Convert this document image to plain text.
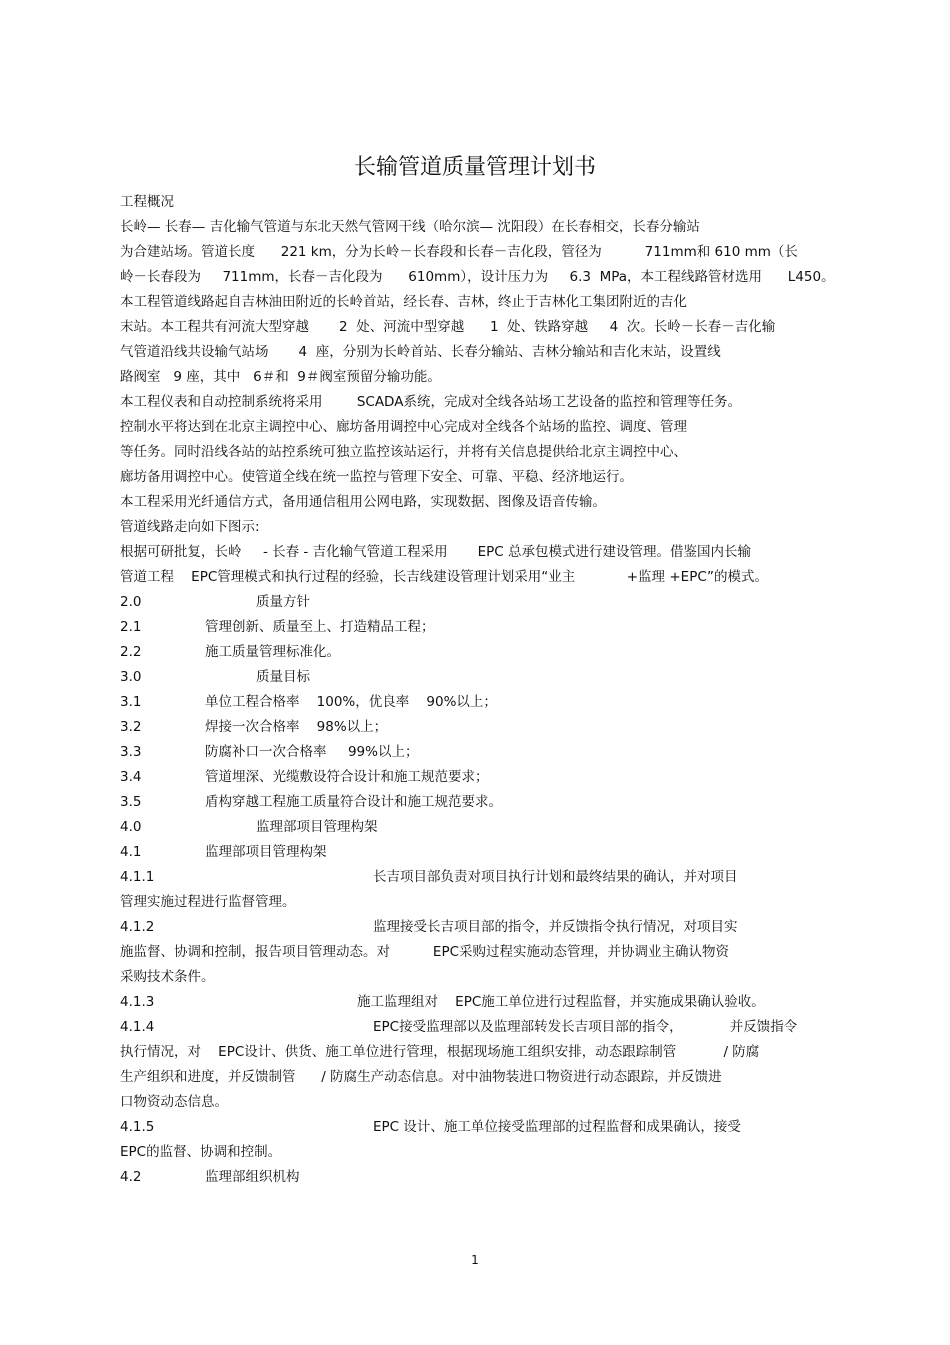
长输管道质量管理计划书
工程概况
长岭— 长春— 吉化输气管道与东北天然气管网干线（哈尔滨— 沈阳段）在长春相交，长春分输站
为合建站场。管道长度      221 km，分为长岭－长春段和长春－吉化段，管径为          711mm和 610 mm（长
岭－长春段为     711mm，长春－吉化段为      610mm），设计压力为     6.3  MPa，本工程线路管材选用      L450。
本工程管道线路起自吉林油田附近的长岭首站，经长春、吉林，终止于吉林化工集团附近的吉化
末站。本工程共有河流大型穿越       2  处、河流中型穿越      1  处、铁路穿越     4  次。长岭－长春－吉化输
气管道沿线共设输气站场       4  座，分别为长岭首站、长春分输站、吉林分输站和吉化末站，设置线
路阀室   9 座，其中   6＃和  9＃阀室预留分输功能。
本工程仪表和自动控制系统将采用        SCADA系统，完成对全线各站场工艺设备的监控和管理等任务。
控制水平将达到在北京主调控中心、廊坊备用调控中心完成对全线各个站场的监控、调度、管理
等任务。同时沿线各站的站控系统可独立监控该站运行，并将有关信息提供给北京主调控中心、
廊坊备用调控中心。使管道全线在统一监控与管理下安全、可靠、平稳、经济地运行。
本工程采用光纤通信方式，备用通信租用公网电路，实现数据、图像及语音传输。
管道线路走向如下图示:
根据可研批复，长岭     - 长春 - 吉化输气管道工程采用       EPC 总承包模式进行建设管理。借鉴国内长输
管道工程    EPC管理模式和执行过程的经验，长吉线建设管理计划采用“业主            +监理 +EPC”的模式。
2.0	质量方针
2.1	管理创新、质量至上、打造精品工程；
2.2	施工质量管理标准化。
3.0	质量目标
3.1	单位工程合格率    100%，优良率    90%以上；
3.2	焊接一次合格率    98%以上；
3.3	防腐补口一次合格率     99%以上；
3.4	管道埋深、光缆敷设符合设计和施工规范要求；
3.5	盾构穿越工程施工质量符合设计和施工规范要求。
4.0	监理部项目管理构架
4.1	监理部项目管理构架
4.1.1	长吉项目部负责对项目执行计划和最终结果的确认，并对项目
管理实施过程进行监督管理。
4.1.2	监理接受长吉项目部的指令，并反馈指令执行情况，对项目实
施监督、协调和控制，报告项目管理动态。对          EPC采购过程实施动态管理，并协调业主确认物资
采购技术条件。
4.1.3	施工监理组对    EPC施工单位进行过程监督，并实施成果确认验收。
4.1.4	EPC接受监理部以及监理部转发长吉项目部的指令，           并反馈指令
执行情况，对    EPC设计、供货、施工单位进行管理，根据现场施工组织安排，动态跟踪制管           / 防腐
生产组织和进度，并反馈制管      / 防腐生产动态信息。对中油物装进口物资进行动态跟踪，并反馈进
口物资动态信息。
4.1.5	EPC 设计、施工单位接受监理部的过程监督和成果确认，接受
EPC的监督、协调和控制。
4.2	监理部组织机构
1
